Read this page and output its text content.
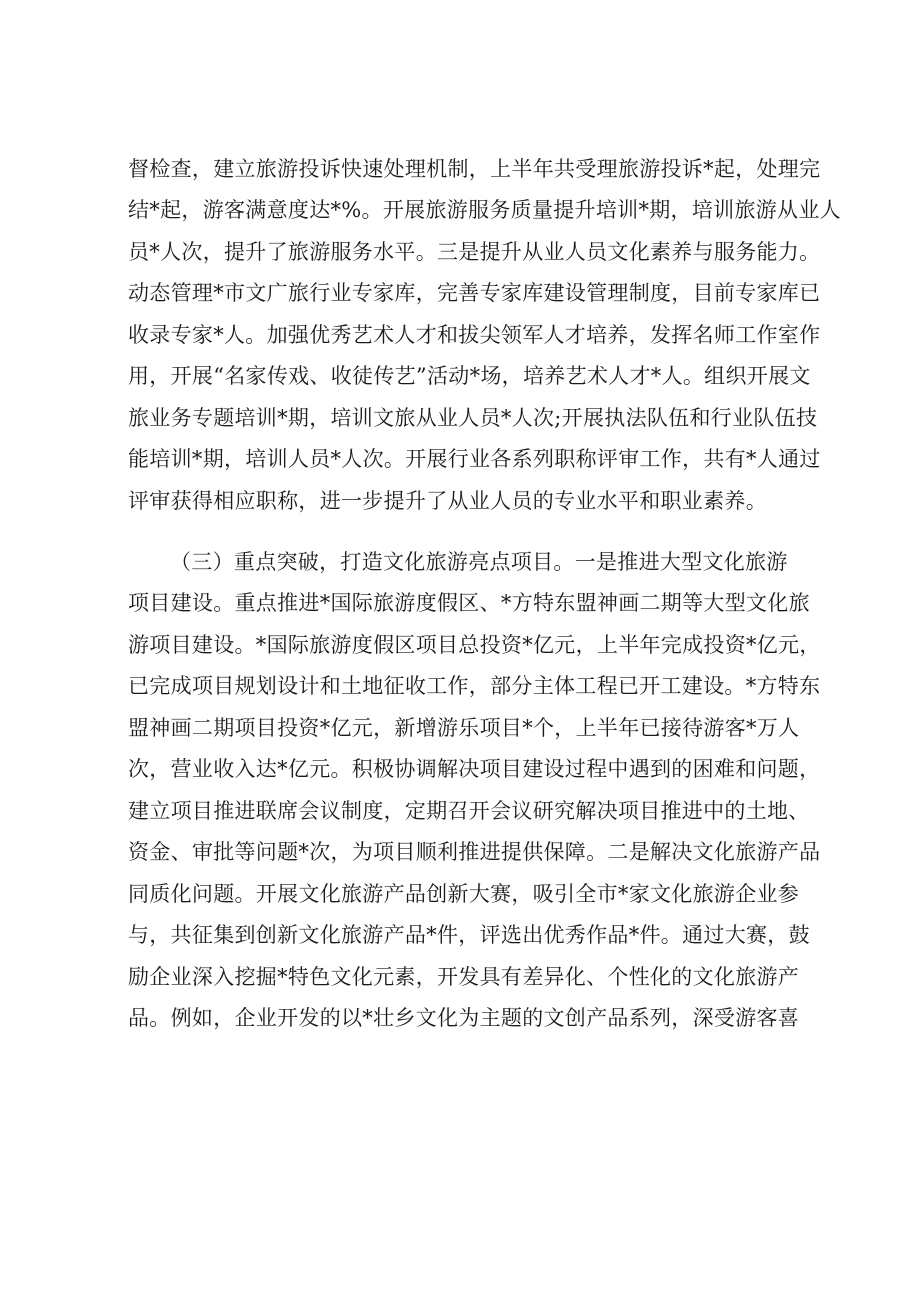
督检查，建立旅游投诉快速处理机制，上半年共受理旅游投诉*起，处理完
结*起，游客满意度达*%。开展旅游服务质量提升培训*期，培训旅游从业人
员*人次，提升了旅游服务水平。三是提升从业人员文化素养与服务能力。
动态管理*市文广旅行业专家库，完善专家库建设管理制度，目前专家库已
收录专家*人。加强优秀艺术人才和拔尖领军人才培养，发挥名师工作室作
用，开展“名家传戏、收徒传艺”活动*场，培养艺术人才*人。组织开展文
旅业务专题培训*期，培训文旅从业人员*人次;开展执法队伍和行业队伍技
能培训*期，培训人员*人次。开展行业各系列职称评审工作，共有*人通过
评审获得相应职称，进一步提升了从业人员的专业水平和职业素养。
（三）重点突破，打造文化旅游亮点项目。一是推进大型文化旅游
项目建设。重点推进*国际旅游度假区、*方特东盟神画二期等大型文化旅
游项目建设。*国际旅游度假区项目总投资*亿元，上半年完成投资*亿元，
已完成项目规划设计和土地征收工作，部分主体工程已开工建设。*方特东
盟神画二期项目投资*亿元，新增游乐项目*个，上半年已接待游客*万人
次，营业收入达*亿元。积极协调解决项目建设过程中遇到的困难和问题，
建立项目推进联席会议制度，定期召开会议研究解决项目推进中的土地、
资金、审批等问题*次，为项目顺利推进提供保障。二是解决文化旅游产品
同质化问题。开展文化旅游产品创新大赛，吸引全市*家文化旅游企业参
与，共征集到创新文化旅游产品*件，评选出优秀作品*件。通过大赛，鼓
励企业深入挖掘*特色文化元素，开发具有差异化、个性化的文化旅游产
品。例如，企业开发的以*壮乡文化为主题的文创产品系列，深受游客喜
